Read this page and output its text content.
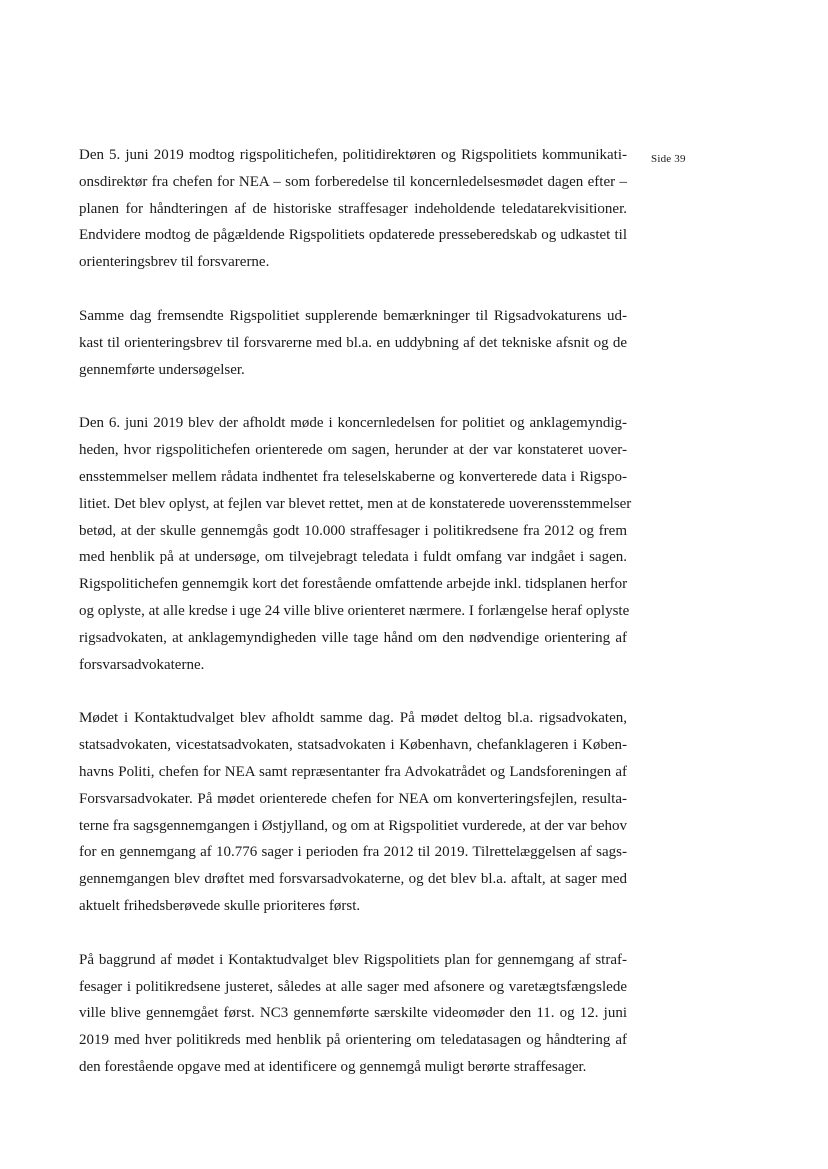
Side 39

Den 5. juni 2019 modtog rigspolitichefen, politidirektøren og Rigspolitiets kommunikati-
onsdirektør fra chefen for NEA – som forberedelse til koncernledelsesmødet dagen efter –
planen for håndteringen af de historiske straffesager indeholdende teledatarekvisitioner.
Endvidere modtog de pågældende Rigspolitiets opdaterede presseberedskab og udkastet til
orienteringsbrev til forsvarerne.

Samme dag fremsendte Rigspolitiet supplerende bemærkninger til Rigsadvokaturens ud-
kast til orienteringsbrev til forsvarerne med bl.a. en uddybning af det tekniske afsnit og de
gennemførte undersøgelser.

Den 6. juni 2019 blev der afholdt møde i koncernledelsen for politiet og anklagemyndig-
heden, hvor rigspolitichefen orienterede om sagen, herunder at der var konstateret uover-
ensstemmelser mellem rådata indhentet fra teleselskaberne og konverterede data i Rigspo-
litiet. Det blev oplyst, at fejlen var blevet rettet, men at de konstaterede uoverensstemmelser
betød, at der skulle gennemgås godt 10.000 straffesager i politikredsene fra 2012 og frem
med henblik på at undersøge, om tilvejebragt teledata i fuldt omfang var indgået i sagen.
Rigspolitichefen gennemgik kort det forestående omfattende arbejde inkl. tidsplanen herfor
og oplyste, at alle kredse i uge 24 ville blive orienteret nærmere. I forlængelse heraf oplyste
rigsadvokaten, at anklagemyndigheden ville tage hånd om den nødvendige orientering af
forsvarsadvokaterne.

Mødet i Kontaktudvalget blev afholdt samme dag. På mødet deltog bl.a. rigsadvokaten,
statsadvokaten, vicestatsadvokaten, statsadvokaten i København, chefanklageren i Køben-
havns Politi, chefen for NEA samt repræsentanter fra Advokatrådet og Landsforeningen af
Forsvarsadvokater. På mødet orienterede chefen for NEA om konverteringsfejlen, resulta-
terne fra sagsgennemgangen i Østjylland, og om at Rigspolitiet vurderede, at der var behov
for en gennemgang af 10.776 sager i perioden fra 2012 til 2019. Tilrettelæggelsen af sags-
gennemgangen blev drøftet med forsvarsadvokaterne, og det blev bl.a. aftalt, at sager med
aktuelt frihedsberøvede skulle prioriteres først.

På baggrund af mødet i Kontaktudvalget blev Rigspolitiets plan for gennemgang af straf-
fesager i politikredsene justeret, således at alle sager med afsonere og varetægtsfængslede
ville blive gennemgået først. NC3 gennemførte særskilte videomøder den 11. og 12. juni
2019 med hver politikreds med henblik på orientering om teledatasagen og håndtering af
den forestående opgave med at identificere og gennemgå muligt berørte straffesager.
